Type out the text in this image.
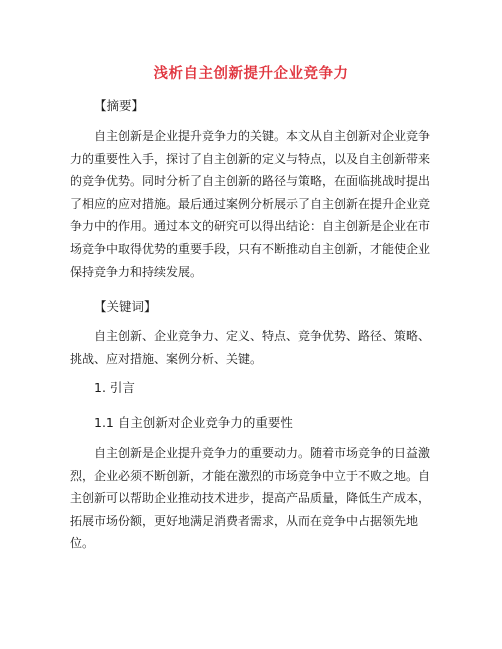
浅析自主创新提升企业竞争力
【摘要】
自主创新是企业提升竞争力的关键。本文从自主创新对企业竞争
力的重要性入手，探讨了自主创新的定义与特点，以及自主创新带来
的竞争优势。同时分析了自主创新的路径与策略，在面临挑战时提出
了相应的应对措施。最后通过案例分析展示了自主创新在提升企业竞
争力中的作用。通过本文的研究可以得出结论：自主创新是企业在市
场竞争中取得优势的重要手段，只有不断推动自主创新，才能使企业
保持竞争力和持续发展。
【关键词】
自主创新、企业竞争力、定义、特点、竞争优势、路径、策略、
挑战、应对措施、案例分析、关键。
1. 引言
1.1 自主创新对企业竞争力的重要性
自主创新是企业提升竞争力的重要动力。随着市场竞争的日益激
烈，企业必须不断创新，才能在激烈的市场竞争中立于不败之地。自
主创新可以帮助企业推动技术进步，提高产品质量，降低生产成本，
拓展市场份额，更好地满足消费者需求，从而在竞争中占据领先地
位。
